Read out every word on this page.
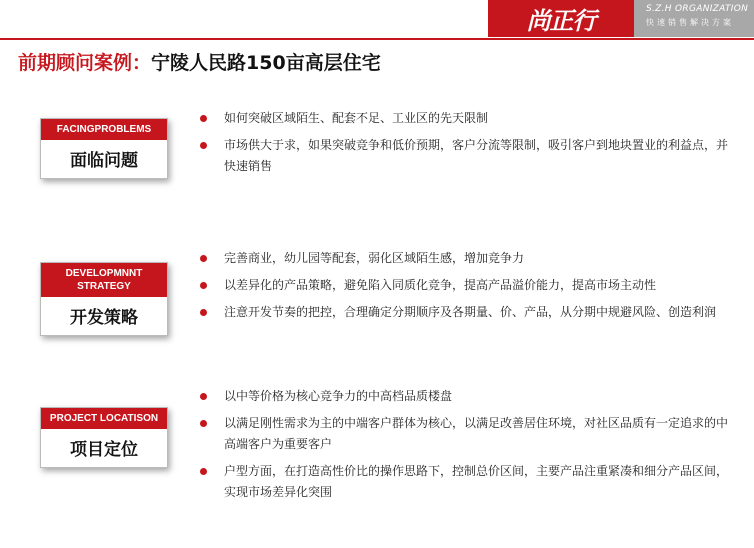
尚正行	S.Z.H ORGANIZATION
快速销售解决方案
前期顾问案例：宁陵人民路150亩高层住宅
FACINGPROBLEMS
面临问题
如何突破区域陌生、配套不足、工业区的先天限制
市场供大于求，如果突破竞争和低价预期，客户分流等限制，吸引客户到地块置业的利益点，并快速销售
DEVELOPMNNT STRATEGY
开发策略
完善商业，幼儿园等配套，弱化区域陌生感，增加竞争力
以差异化的产品策略，避免陷入同质化竞争，提高产品溢价能力，提高市场主动性
注意开发节奏的把控，合理确定分期顺序及各期量、价、产品，从分期中规避风险、创造利润
PROJECT LOCATISON
项目定位
以中等价格为核心竞争力的中高档品质楼盘
以满足刚性需求为主的中端客户群体为核心，以满足改善居住环境，对社区品质有一定追求的中高端客户为重要客户
户型方面，在打造高性价比的操作思路下，控制总价区间，主要产品注重紧凑和细分产品区间，实现市场差异化突围
